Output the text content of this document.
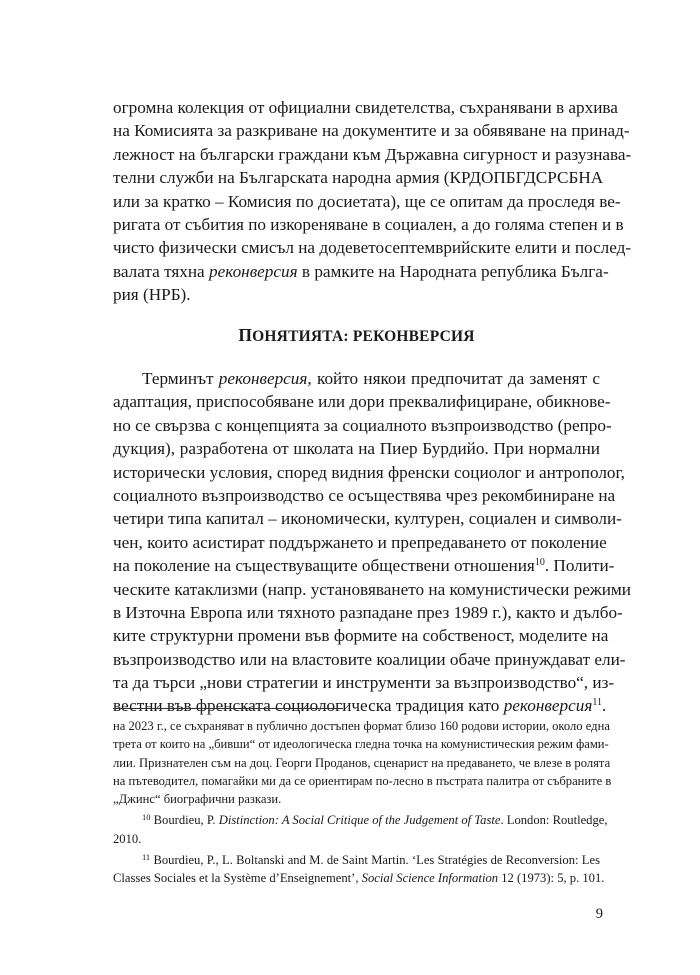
огромна колекция от официални свидетелства, съхранявани в архива
на Комисията за разкриване на документите и за обявяване на принад-
лежност на български граждани към Държавна сигурност и разузнава-
телни служби на Българската народна армия (КРДОПБГДСРСБНА
или за кратко – Комисия по досиетата), ще се опитам да проследя ве-
ригата от събития по изкореняване в социален, а до голяма степен и в
чисто физически смисъл на додеветосептемврийските елити и послед-
валата тяхна реконверсия в рамките на Народната република Бълга-
рия (НРБ).
ПОНЯТИЯТА: РЕКОНВЕРСИЯ
Терминът реконверсия, който някои предпочитат да заменят с
адаптация, приспособяване или дори преквалифициране, обикнове-
но се свързва с концепцията за социалното възпроизводство (репро-
дукция), разработена от школата на Пиер Бурдийо. При нормални
исторически условия, според видния френски социолог и антрополог,
социалното възпроизводство се осъществява чрез рекомбиниране на
четири типа капитал – икономически, културен, социален и символи-
чен, които асистират поддържането и препредаването от поколение
на поколение на съществуващите обществени отношения$^{10}$. Полити-
ческите катаклизми (напр. установяването на комунистически режими
в Източна Европа или тяхното разпадане през 1989 г.), както и дълбо-
ките структурни промени във формите на собственост, моделите на
възпроизводство или на властовите коалиции обаче принуждават ели-
та да търси „нови стратегии и инструменти за възпроизводство“, из-
вестни във френската социологическа традиция като реконверсия$^{11}$.
на 2023 г., се съхраняват в публично достъпен формат близо 160 родови истории, около една
трета от които на „бивши“ от идеологическа гледна точка на комунистическия режим фами-
лии. Признателен съм на доц. Георги Проданов, сценарист на предаването, че влезе в ролята
на пътеводител, помагайки ми да се ориентирам по-лесно в пъстрата палитра от събраните в
„Джинс“ биографични разкази.
$^{10}$ Bourdieu, P. Distinction: A Social Critique of the Judgement of Taste. London: Routledge,
2010.
$^{11}$ Bourdieu, P., L. Boltanski and M. de Saint Martin. ‘Les Stratégies de Reconversion: Les
Classes Sociales et la Système d’Enseignement’, Social Science Information 12 (1973): 5, p. 101.
9
